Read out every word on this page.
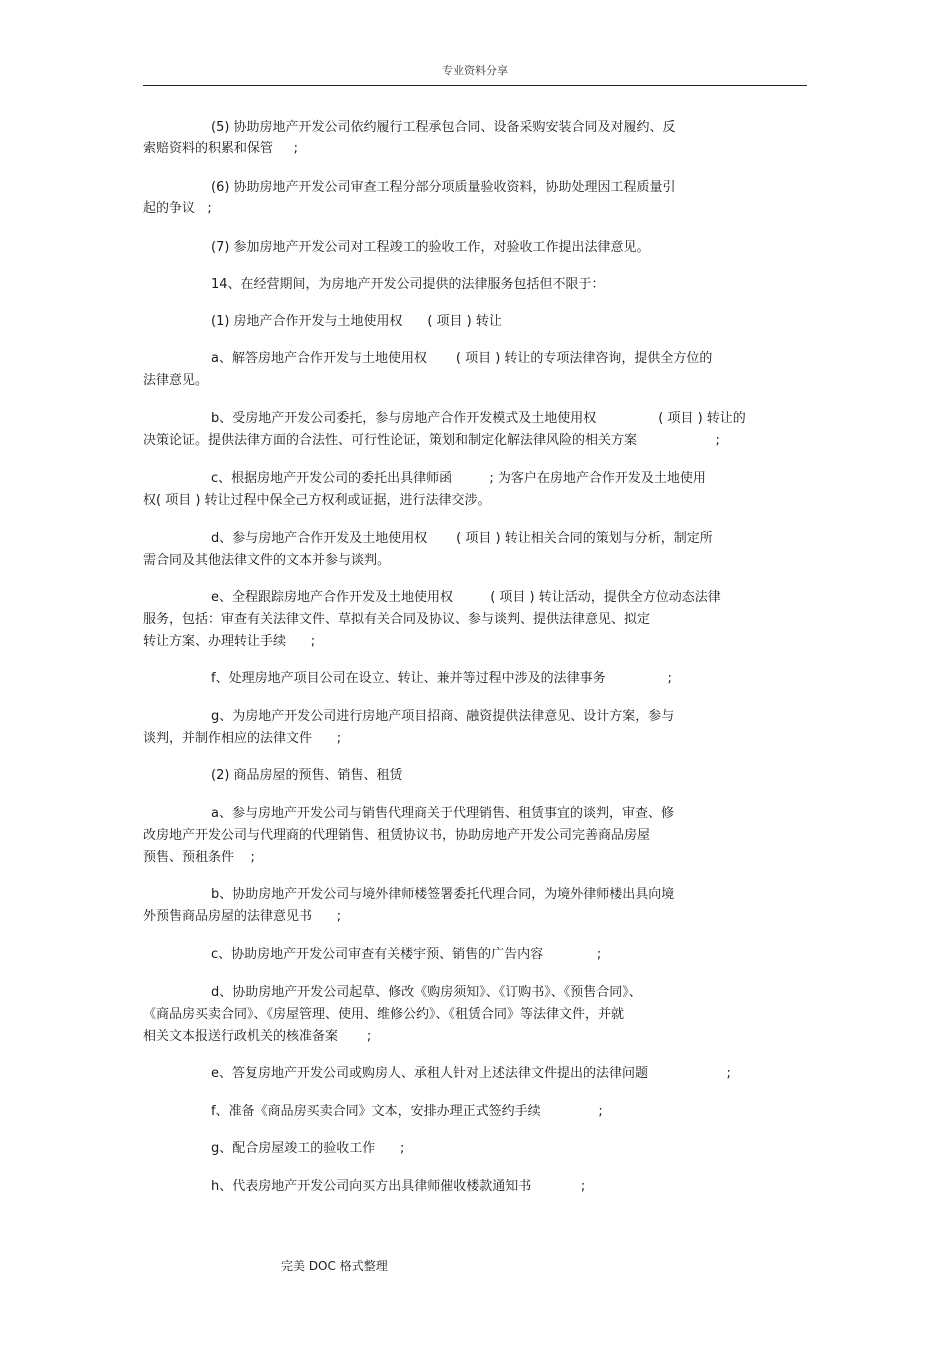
专业资料分享
(5) 协助房地产开发公司依约履行工程承包合同、设备采购安装合同及对履约、反
索赔资料的积累和保管     ;
(6) 协助房地产开发公司审查工程分部分项质量验收资料，协助处理因工程质量引
起的争议   ;
(7) 参加房地产开发公司对工程竣工的验收工作，对验收工作提出法律意见。
14、在经营期间，为房地产开发公司提供的法律服务包括但不限于：
(1) 房地产合作开发与土地使用权      ( 项目 ) 转让
a、解答房地产合作开发与土地使用权       ( 项目 ) 转让的专项法律咨询，提供全方位的
法律意见。
b、受房地产开发公司委托，参与房地产合作开发模式及土地使用权               ( 项目 ) 转让的
决策论证。提供法律方面的合法性、可行性论证，策划和制定化解法律风险的相关方案                   ;
c、根据房地产开发公司的委托出具律师函         ; 为客户在房地产合作开发及土地使用
权( 项目 ) 转让过程中保全己方权利或证据，进行法律交涉。
d、参与房地产合作开发及土地使用权       ( 项目 ) 转让相关合同的策划与分析，制定所
需合同及其他法律文件的文本并参与谈判。
e、全程跟踪房地产合作开发及土地使用权         ( 项目 ) 转让活动，提供全方位动态法律
服务，包括：审查有关法律文件、草拟有关合同及协议、参与谈判、提供法律意见、拟定
转让方案、办理转让手续      ;
f、处理房地产项目公司在设立、转让、兼并等过程中涉及的法律事务               ;
g、为房地产开发公司进行房地产项目招商、融资提供法律意见、设计方案，参与
谈判，并制作相应的法律文件      ;
(2) 商品房屋的预售、销售、租赁
a、参与房地产开发公司与销售代理商关于代理销售、租赁事宜的谈判，审查、修
改房地产开发公司与代理商的代理销售、租赁协议书，协助房地产开发公司完善商品房屋
预售、预租条件    ;
b、协助房地产开发公司与境外律师楼签署委托代理合同，为境外律师楼出具向境
外预售商品房屋的法律意见书      ;
c、协助房地产开发公司审查有关楼宇预、销售的广告内容             ;
d、协助房地产开发公司起草、修改《购房须知》、《订购书》、《预售合同》、
《商品房买卖合同》、《房屋管理、使用、维修公约》、《租赁合同》等法律文件，并就
相关文本报送行政机关的核准备案       ;
e、答复房地产开发公司或购房人、承租人针对上述法律文件提出的法律问题                   ;
f、准备《商品房买卖合同》文本，安排办理正式签约手续              ;
g、配合房屋竣工的验收工作      ;
h、代表房地产开发公司向买方出具律师催收楼款通知书            ;
完美 DOC 格式整理
